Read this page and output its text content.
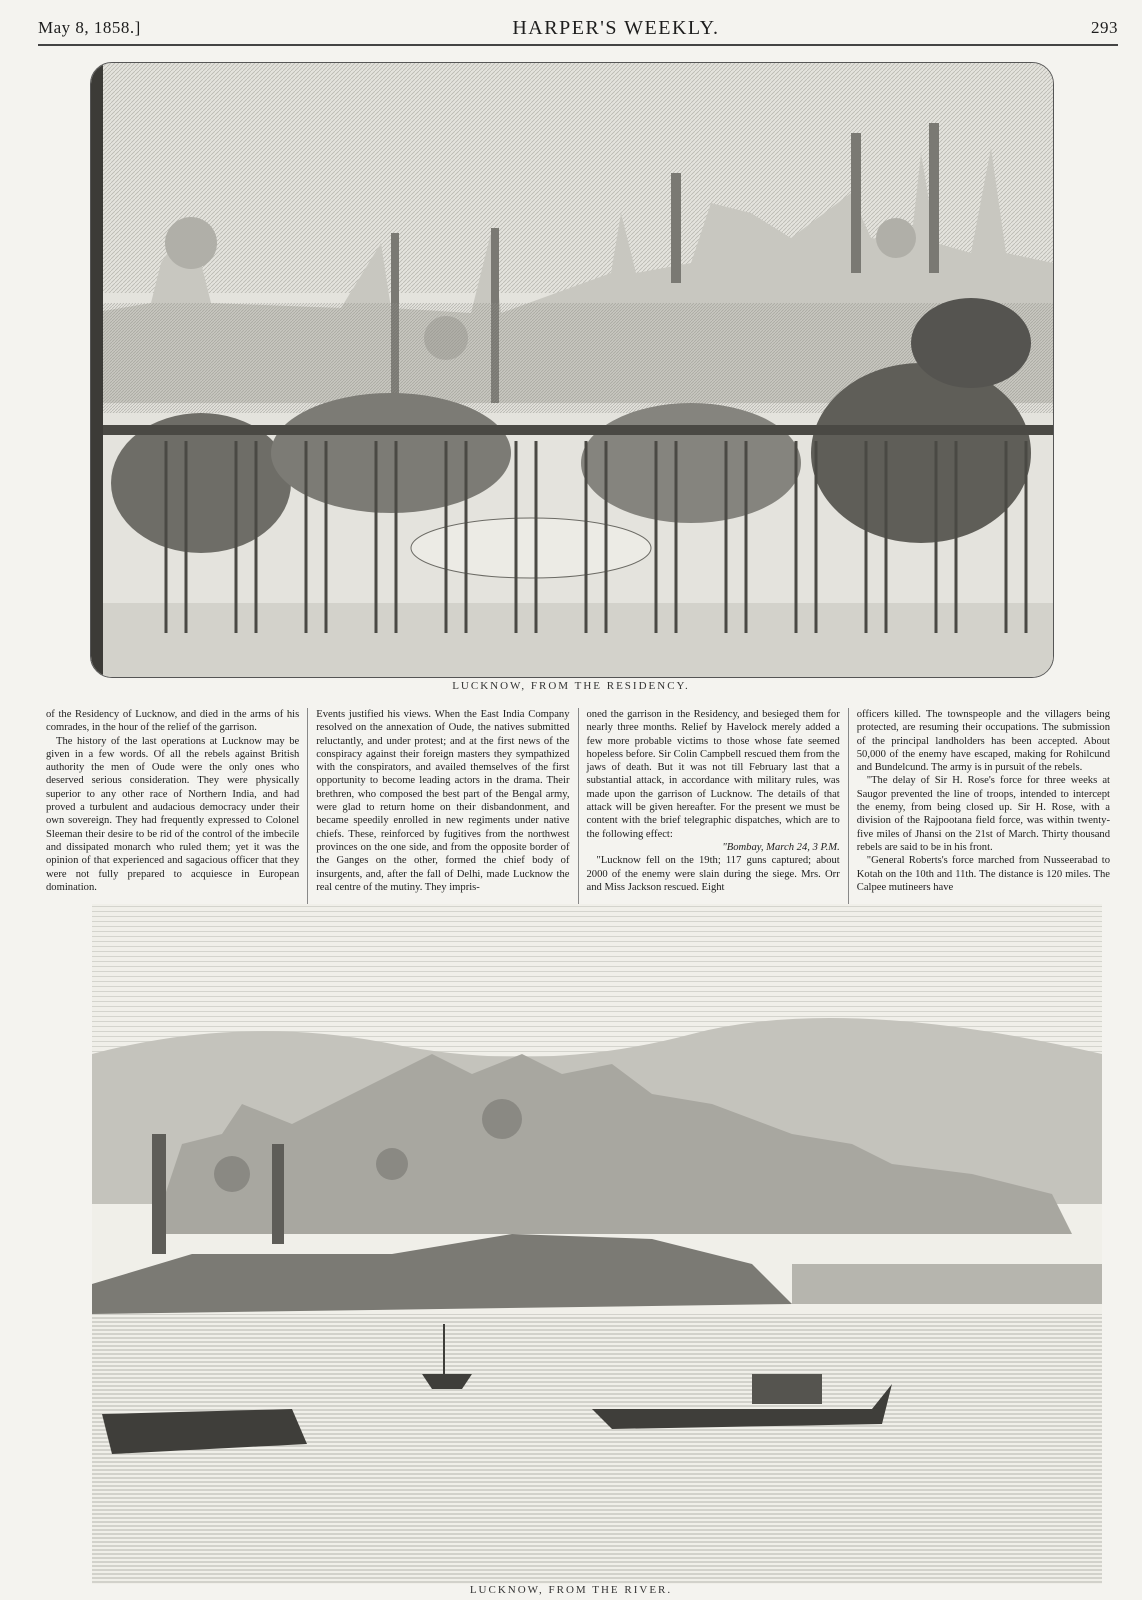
May 8, 1858.]	HARPER'S WEEKLY.	293
LUCKNOW, FROM THE RESIDENCY.

of the Residency of Lucknow, and died in the arms of his comrades, in the hour of the relief of the garrison.

The history of the last operations at Lucknow may be given in a few words. Of all the rebels against British authority the men of Oude were the only ones who deserved serious consideration. They were physically superior to any other race of Northern India, and had proved a turbulent and audacious democracy under their own sovereign. They had frequently expressed to Colonel Sleeman their desire to be rid of the control of the imbecile and dissipated monarch who ruled them; yet it was the opinion of that experienced and sagacious officer that they were not fully prepared to acquiesce in European domination.

Events justified his views. When the East India Company resolved on the annexation of Oude, the natives submitted reluctantly, and under protest; and at the first news of the conspiracy against their foreign masters they sympathized with the conspirators, and availed themselves of the first opportunity to become leading actors in the drama. Their brethren, who composed the best part of the Bengal army, were glad to return home on their disbandonment, and became speedily enrolled in new regiments under native chiefs. These, reinforced by fugitives from the northwest provinces on the one side, and from the opposite border of the Ganges on the other, formed the chief body of insurgents, and, after the fall of Delhi, made Lucknow the real centre of the mutiny. They impris-

oned the garrison in the Residency, and besieged them for nearly three months. Relief by Havelock merely added a few more probable victims to those whose fate seemed hopeless before. Sir Colin Campbell rescued them from the jaws of death. But it was not till February last that a substantial attack, in accordance with military rules, was made upon the garrison of Lucknow. The details of that attack will be given hereafter. For the present we must be content with the brief telegraphic dispatches, which are to the following effect:

"Bombay, March 24, 3 P.M.

"Lucknow fell on the 19th; 117 guns captured; about 2000 of the enemy were slain during the siege. Mrs. Orr and Miss Jackson rescued. Eight

officers killed. The townspeople and the villagers being protected, are resuming their occupations. The submission of the principal landholders has been accepted. About 50,000 of the enemy have escaped, making for Rohilcund and Bundelcund. The army is in pursuit of the rebels.

"The delay of Sir H. Rose's force for three weeks at Saugor prevented the line of troops, intended to intercept the enemy, from being closed up. Sir H. Rose, with a division of the Rajpootana field force, was within twenty-five miles of Jhansi on the 21st of March. Thirty thousand rebels are said to be in his front.

"General Roberts's force marched from Nusseerabad to Kotah on the 10th and 11th. The distance is 120 miles. The Calpee mutineers have

LUCKNOW, FROM THE RIVER.
